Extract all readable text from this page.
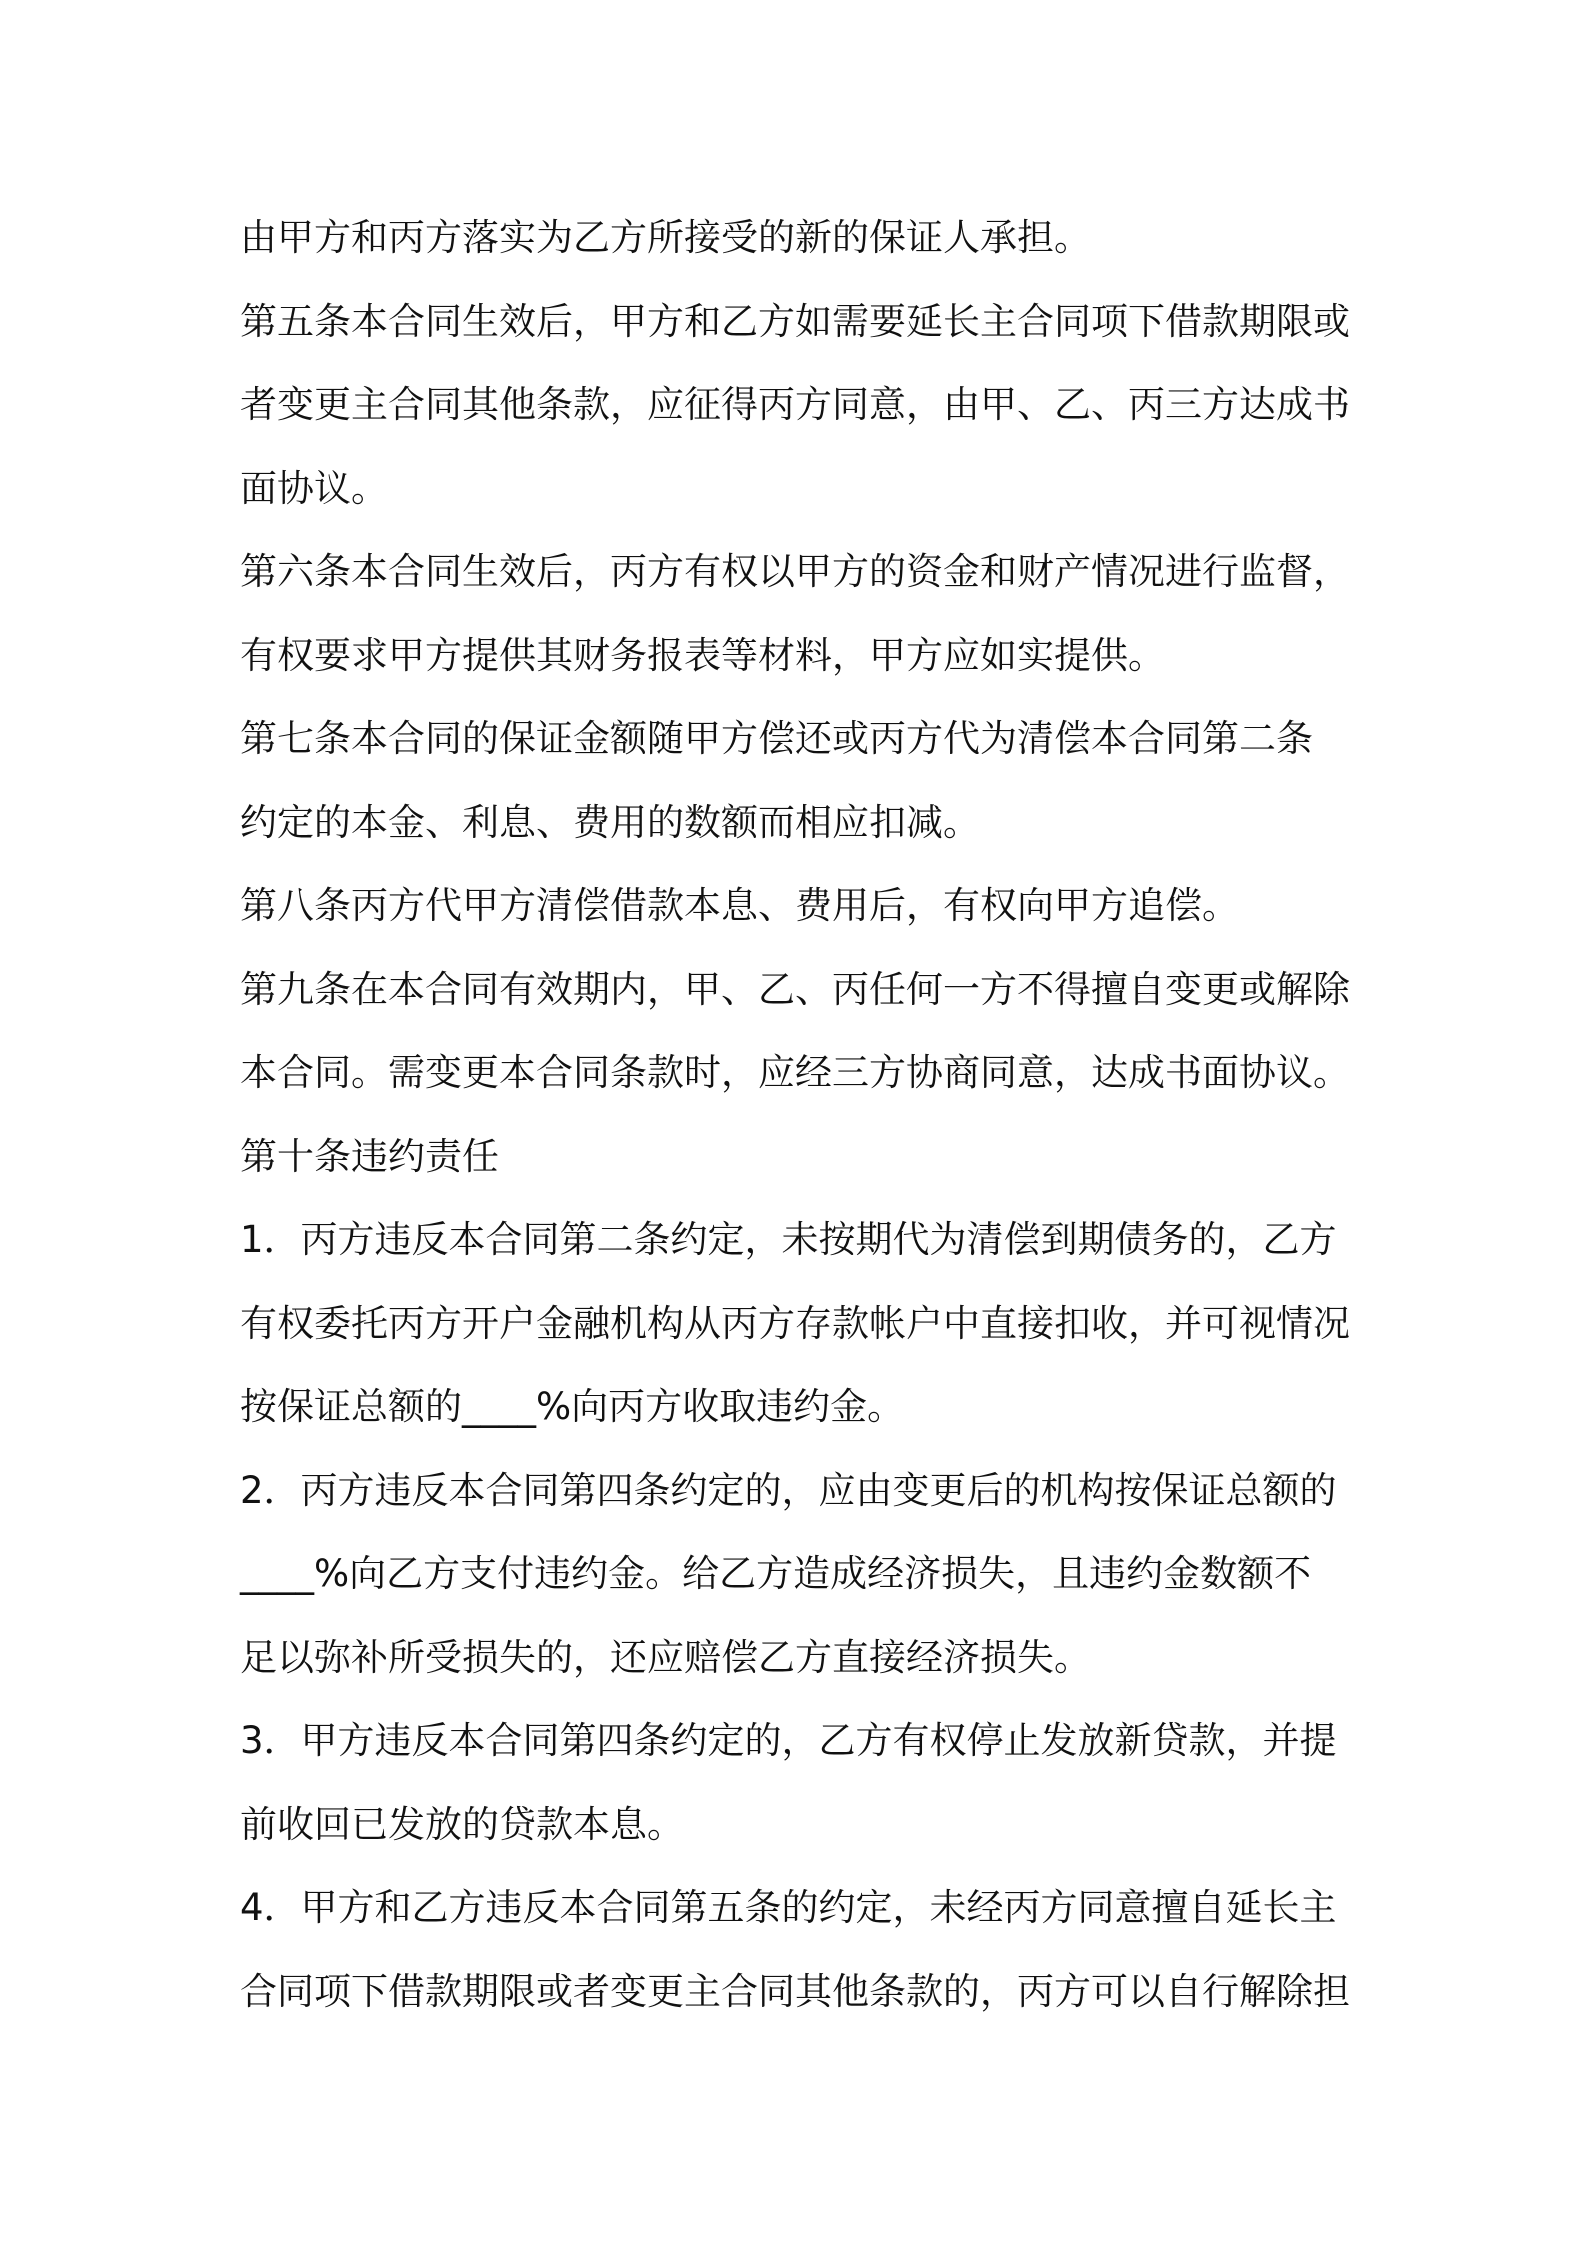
由甲方和丙方落实为乙方所接受的新的保证人承担。
第五条本合同生效后，甲方和乙方如需要延长主合同项下借款期限或
者变更主合同其他条款，应征得丙方同意，由甲、乙、丙三方达成书
面协议。
第六条本合同生效后，丙方有权以甲方的资金和财产情况进行监督，
有权要求甲方提供其财务报表等材料，甲方应如实提供。
第七条本合同的保证金额随甲方偿还或丙方代为清偿本合同第二条
约定的本金、利息、费用的数额而相应扣减。
第八条丙方代甲方清偿借款本息、费用后，有权向甲方追偿。
第九条在本合同有效期内，甲、乙、丙任何一方不得擅自变更或解除
本合同。需变更本合同条款时，应经三方协商同意，达成书面协议。
第十条违约责任
1．丙方违反本合同第二条约定，未按期代为清偿到期债务的，乙方
有权委托丙方开户金融机构从丙方存款帐户中直接扣收，并可视情况
按保证总额的____%向丙方收取违约金。
2．丙方违反本合同第四条约定的，应由变更后的机构按保证总额的
____%向乙方支付违约金。给乙方造成经济损失，且违约金数额不
足以弥补所受损失的，还应赔偿乙方直接经济损失。
3．甲方违反本合同第四条约定的，乙方有权停止发放新贷款，并提
前收回已发放的贷款本息。
4．甲方和乙方违反本合同第五条的约定，未经丙方同意擅自延长主
合同项下借款期限或者变更主合同其他条款的，丙方可以自行解除担
